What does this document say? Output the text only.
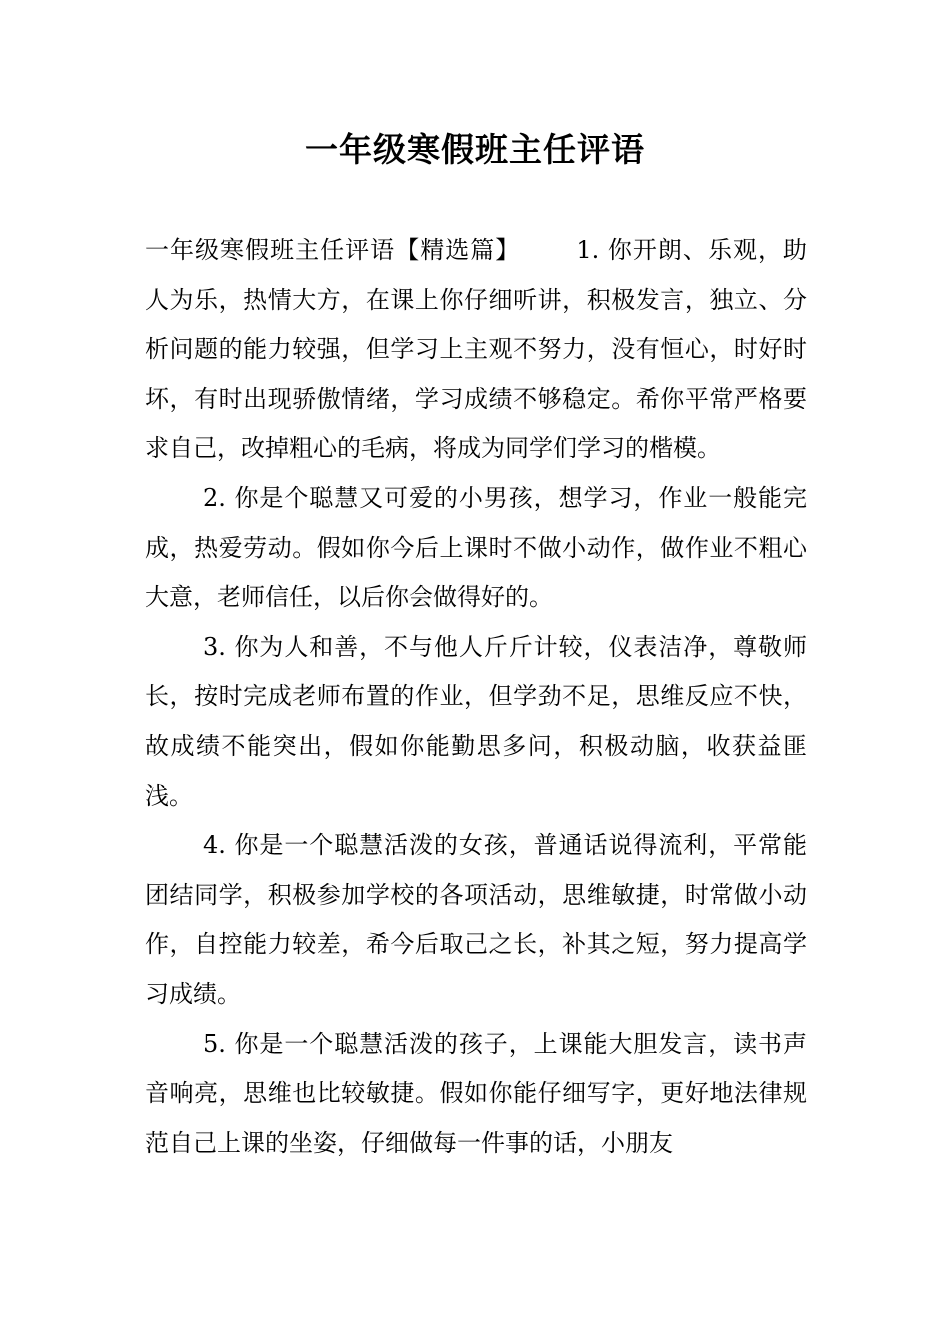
一年级寒假班主任评语

一年级寒假班主任评语【精选篇】 1. 你开朗、乐观，助人为乐，热情大方，在课上你仔细听讲，积极发言，独立、分析问题的能力较强，但学习上主观不努力，没有恒心，时好时坏，有时出现骄傲情绪，学习成绩不够稳定。希你平常严格要求自己，改掉粗心的毛病，将成为同学们学习的楷模。

2. 你是个聪慧又可爱的小男孩，想学习，作业一般能完成，热爱劳动。假如你今后上课时不做小动作，做作业不粗心大意，老师信任，以后你会做得好的。

3. 你为人和善，不与他人斤斤计较，仪表洁净，尊敬师长，按时完成老师布置的作业，但学劲不足，思维反应不快，故成绩不能突出，假如你能勤思多问，积极动脑，收获益匪浅。

4. 你是一个聪慧活泼的女孩，普通话说得流利，平常能团结同学，积极参加学校的各项活动，思维敏捷，时常做小动作，自控能力较差，希今后取己之长，补其之短，努力提高学习成绩。

5. 你是一个聪慧活泼的孩子，上课能大胆发言，读书声音响亮，思维也比较敏捷。假如你能仔细写字，更好地法律规范自己上课的坐姿，仔细做每一件事的话，小朋友
